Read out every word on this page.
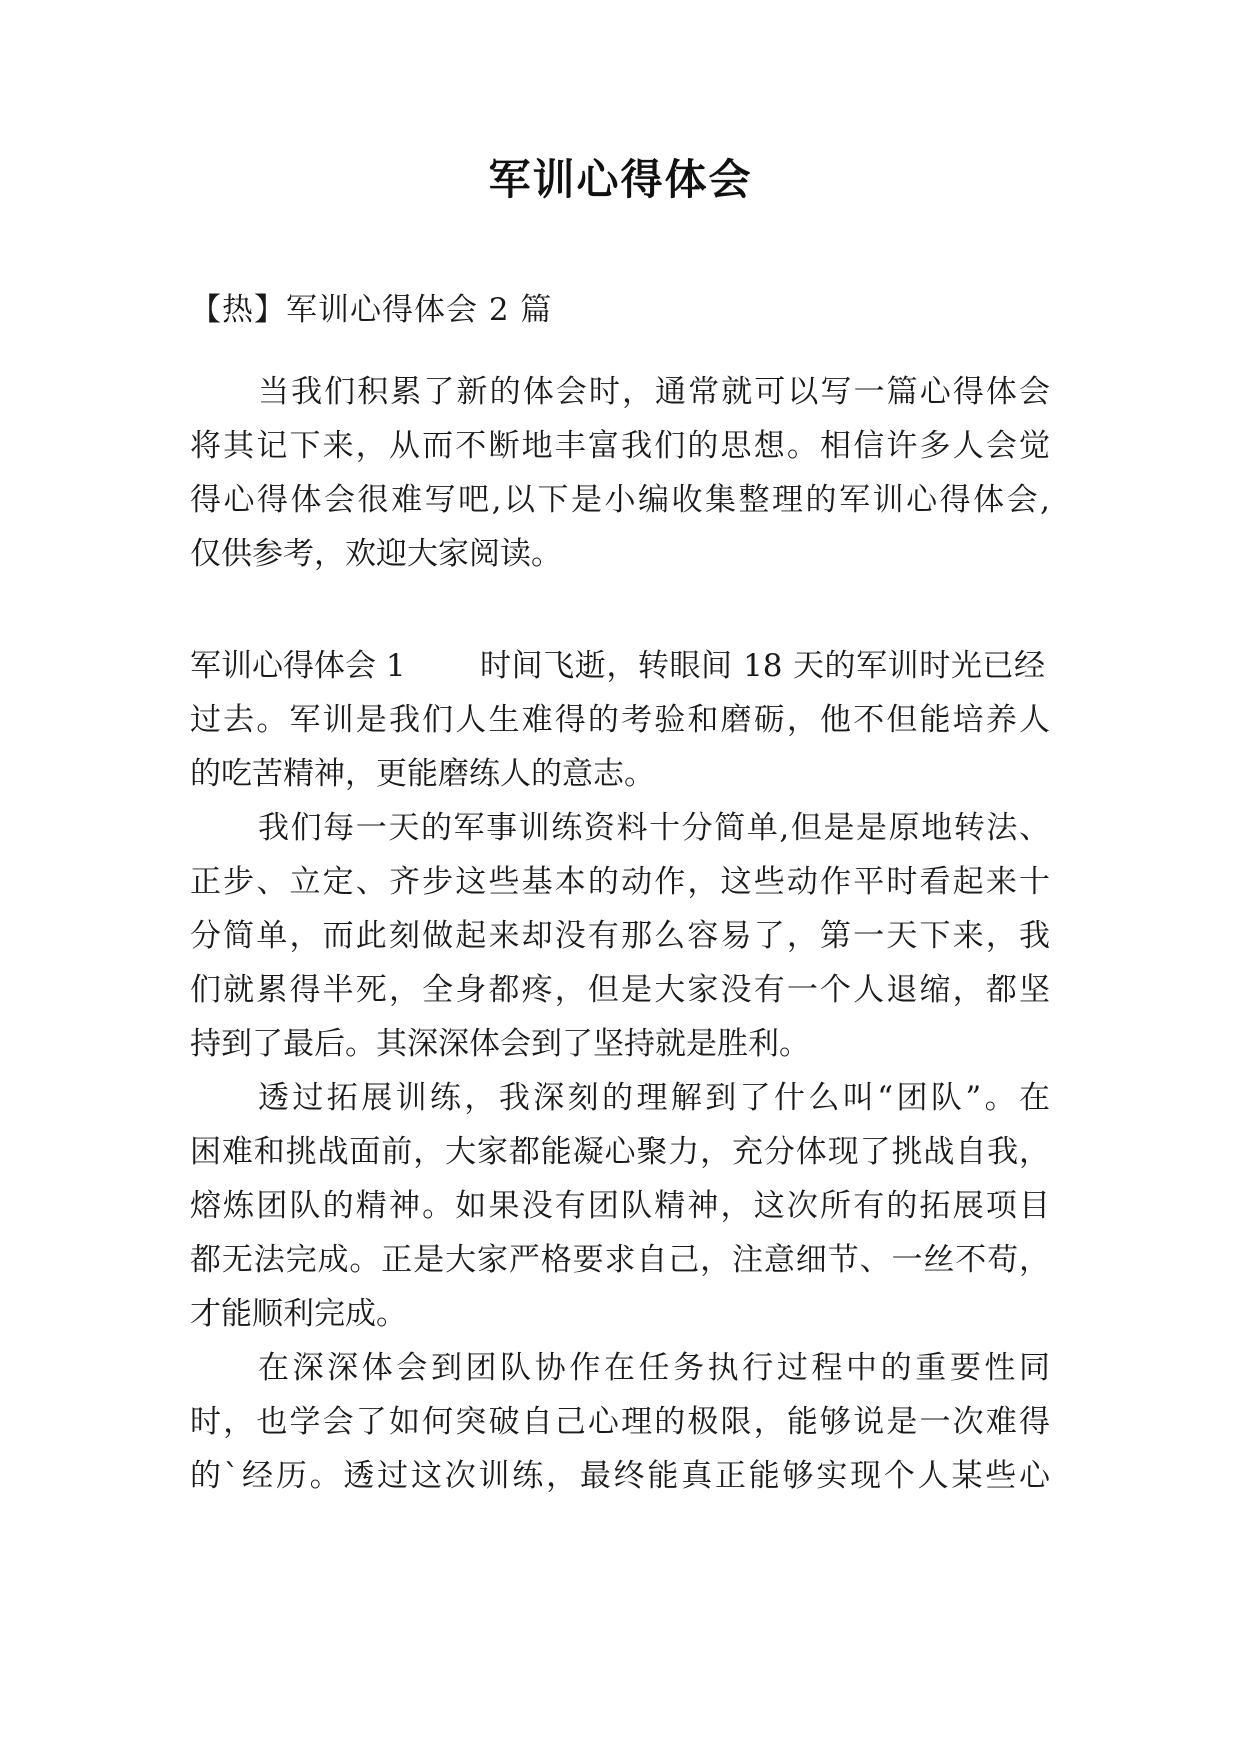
军训心得体会
【热】军训心得体会 2 篇
当我们积累了新的体会时，通常就可以写一篇心得体会
将其记下来，从而不断地丰富我们的思想。相信许多人会觉
得心得体会很难写吧,以下是小编收集整理的军训心得体会,
仅供参考，欢迎大家阅读。
军训心得体会 1 时间飞逝，转眼间 18 天的军训时光已经
过去。军训是我们人生难得的考验和磨砺，他不但能培养人
的吃苦精神，更能磨练人的意志。
我们每一天的军事训练资料十分简单,但是是原地转法、
正步、立定、齐步这些基本的动作，这些动作平时看起来十
分简单，而此刻做起来却没有那么容易了，第一天下来，我
们就累得半死，全身都疼，但是大家没有一个人退缩，都坚
持到了最后。其深深体会到了坚持就是胜利。
透过拓展训练，我深刻的理解到了什么叫“团队”。在
困难和挑战面前，大家都能凝心聚力，充分体现了挑战自我，
熔炼团队的精神。如果没有团队精神，这次所有的拓展项目
都无法完成。正是大家严格要求自己，注意细节、一丝不苟，
才能顺利完成。
在深深体会到团队协作在任务执行过程中的重要性同
时，也学会了如何突破自己心理的极限，能够说是一次难得
的`经历。透过这次训练，最终能真正能够实现个人某些心
